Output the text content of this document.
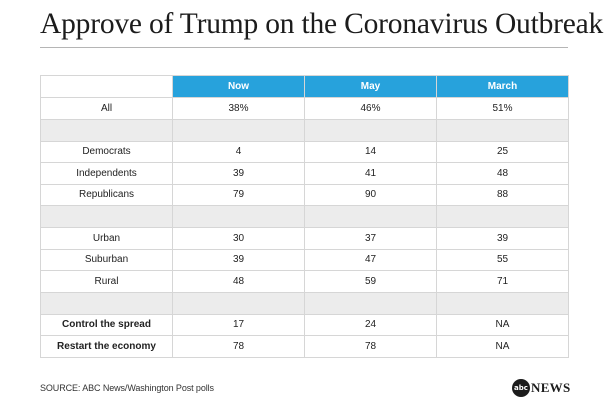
Approve of Trump on the Coronavirus Outbreak
	Now	May	March
All	38%	46%	51%

Democrats	4	14	25
Independents	39	41	48
Republicans	79	90	88

Urban	30	37	39
Suburban	39	47	55
Rural	48	59	71

Control the spread	17	24	NA
Restart the economy	78	78	NA
SOURCE: ABC News/Washington Post polls	abc NEWS
